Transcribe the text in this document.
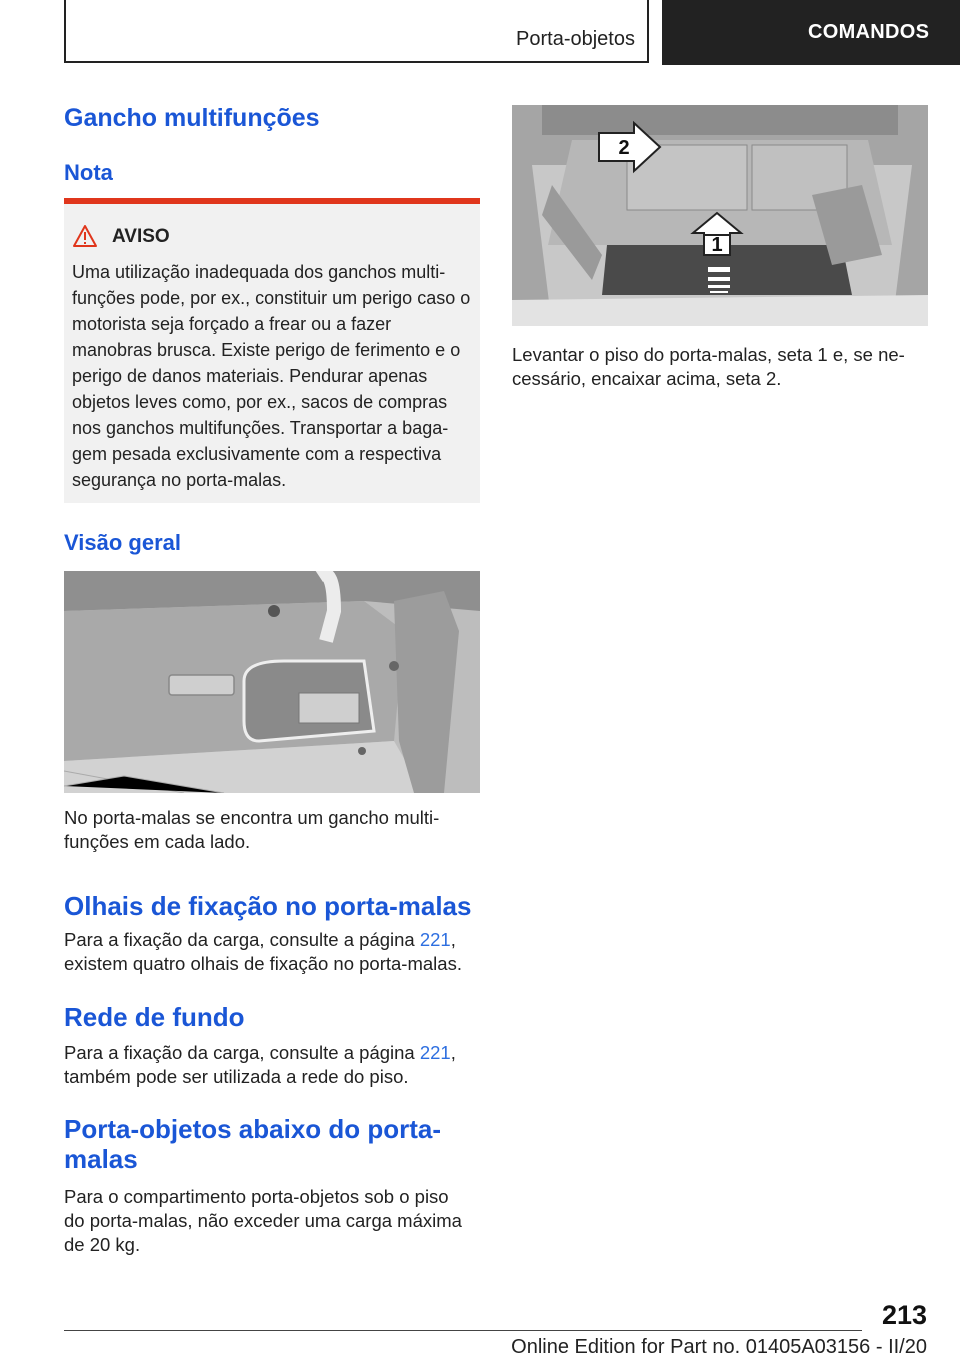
Porta-objetos	COMANDOS
Gancho multifunções
Nota
AVISO
Uma utilização inadequada dos ganchos multi-funções pode, por ex., constituir um perigo caso o motorista seja forçado a frear ou a fazer manobras brusca. Existe perigo de ferimento e o perigo de danos materiais. Pendurar apenas objetos leves como, por ex., sacos de compras nos ganchos multifunções. Transportar a baga-gem pesada exclusivamente com a respectiva segurança no porta-malas.
Visão geral
No porta-malas se encontra um gancho multi-funções em cada lado.
Olhais de fixação no porta-malas
Para a fixação da carga, consulte a página 221, existem quatro olhais de fixação no porta-malas.
Rede de fundo
Para a fixação da carga, consulte a página 221, também pode ser utilizada a rede do piso.
Porta-objetos abaixo do porta-malas
Para o compartimento porta-objetos sob o piso do porta-malas, não exceder uma carga máxima de 20 kg.
2
1
Levantar o piso do porta-malas, seta 1 e, se ne-cessário, encaixar acima, seta 2.
213
Online Edition for Part no. 01405A03156 - II/20
